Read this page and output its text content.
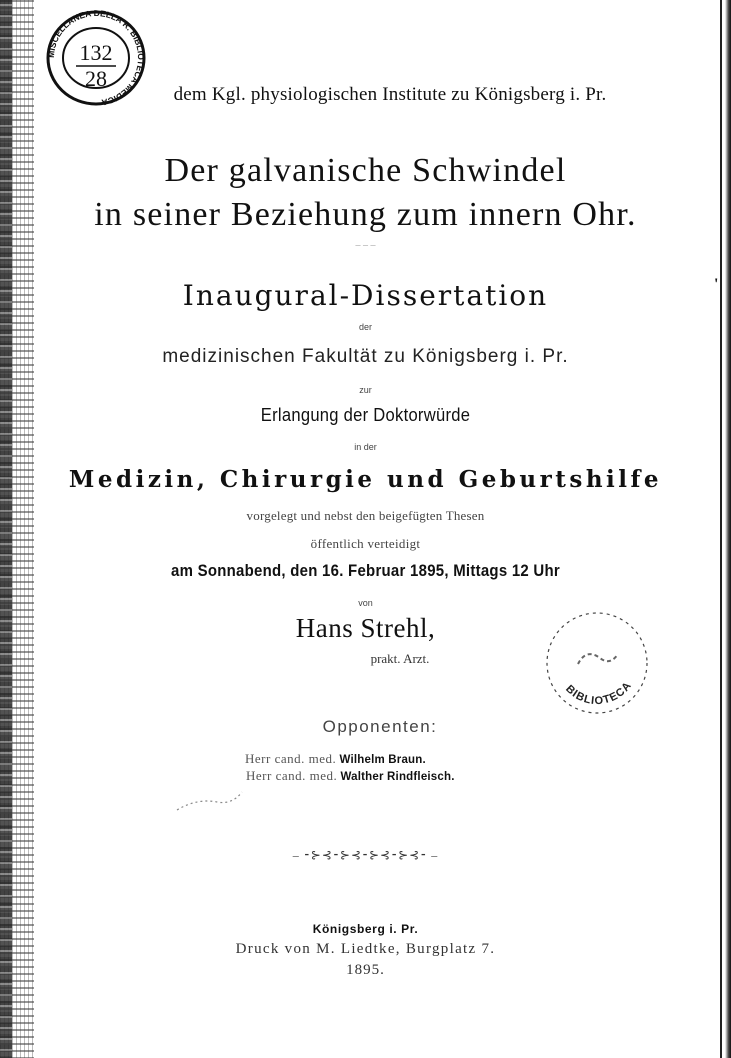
MISCELLANEA DELLA R. BIBLIOTECA MEDICA
132
28
dem Kgl. physiologischen Institute zu Königsberg i. Pr.
Der galvanische Schwindel
in seiner Beziehung zum innern Ohr.
‒ ‒ ‒
Inaugural-Dissertation	'
der
medizinischen Fakultät zu Königsberg i. Pr.
zur
Erlangung der Doktorwürde
in der
Medizin, Chirurgie und Geburtshilfe
vorgelegt und nebst den beigefügten Thesen
öffentlich verteidigt
am Sonnabend, den 16. Februar 1895, Mittags 12 Uhr
von
Hans Strehl,
prakt. Arzt.
BIBLIOTECA
Opponenten:
Herr cand. med. Wilhelm Braun.
Herr cand. med. Walther Rindfleisch.
‒ ⁃⊱⊰⁃⊱⊰⁃⊱⊰⁃⊱⊰⁃ ‒
Königsberg i. Pr.
Druck von M. Liedtke, Burgplatz 7.
1895.
